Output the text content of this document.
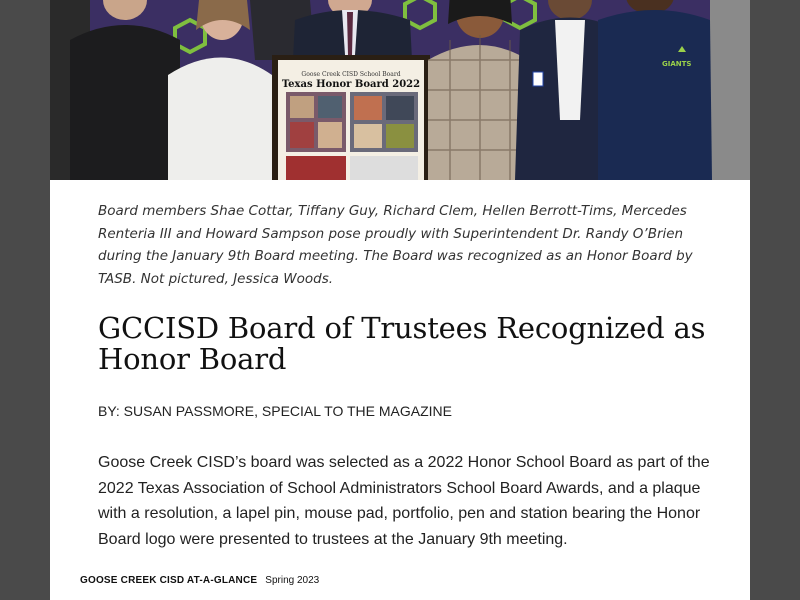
Goose Creek CISD School Board
Texas Honor Board 2022
GIANTS

Board members Shae Cottar, Tiffany Guy, Richard Clem, Hellen Berrott-Tims, Mercedes Renteria III and Howard Sampson pose proudly with Superintendent Dr. Randy O’Brien during the January 9th Board meeting. The Board was recognized as an Honor Board by TASB. Not pictured, Jessica Woods.

GCCISD Board of Trustees Recognized as Honor Board

BY: SUSAN PASSMORE, SPECIAL TO THE MAGAZINE

Goose Creek CISD’s board was selected as a 2022 Honor School Board as part of the 2022 Texas Association of School Administrators School Board Awards, and a plaque with a resolution, a lapel pin, mouse pad, portfolio, pen and station bearing the Honor Board logo were presented to trustees at the January 9th meeting.

GOOSE CREEK CISD AT-A-GLANCE Spring 2023
